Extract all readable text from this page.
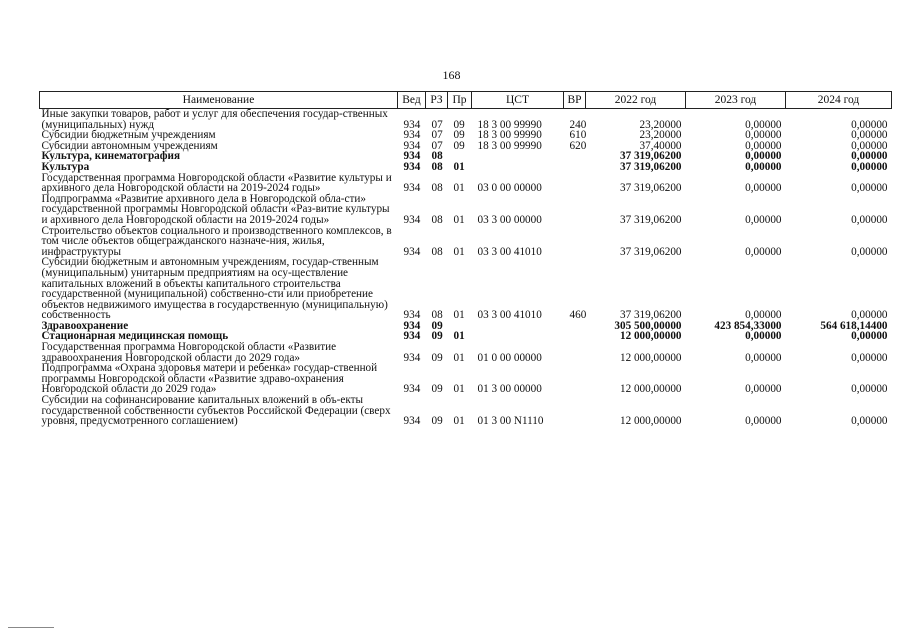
168
Наименование	Вед	РЗ	Пр	ЦСТ	ВР	2022 год	2023 год	2024 год
Иные закупки товаров, работ и услуг для обеспечения государ-ственных (муниципальных) нужд	934	07	09	18 3 00 99990	240	23,20000	0,00000	0,00000
Субсидии бюджетным учреждениям	934	07	09	18 3 00 99990	610	23,20000	0,00000	0,00000
Субсидии автономным учреждениям	934	07	09	18 3 00 99990	620	37,40000	0,00000	0,00000
Культура, кинематография	934	08				37 319,06200	0,00000	0,00000
Культура	934	08	01			37 319,06200	0,00000	0,00000
Государственная программа Новгородской области «Развитие культуры и архивного дела Новгородской области на 2019-2024 годы»	934	08	01	03 0 00 00000		37 319,06200	0,00000	0,00000
Подпрограмма «Развитие архивного дела в Новгородской обла-сти» государственной программы Новгородской области «Раз-витие культуры и архивного дела Новгородской области на 2019-2024 годы»	934	08	01	03 3 00 00000		37 319,06200	0,00000	0,00000
Строительство объектов социального и производственного комплексов, в том числе объектов общегражданского назначе-ния, жилья, инфраструктуры	934	08	01	03 3 00 41010		37 319,06200	0,00000	0,00000
Субсидии бюджетным и автономным учреждениям, государ-ственным (муниципальным) унитарным предприятиям на осу-ществление капитальных вложений в объекты капитального строительства государственной (муниципальной) собственно-сти или приобретение объектов недвижимого имущества в государственную (муниципальную) собственность	934	08	01	03 3 00 41010	460	37 319,06200	0,00000	0,00000
Здравоохранение	934	09				305 500,00000	423 854,33000	564 618,14400
Стационарная медицинская помощь	934	09	01			12 000,00000	0,00000	0,00000
Государственная программа Новгородской области «Развитие здравоохранения Новгородской области до 2029 года»	934	09	01	01 0 00 00000		12 000,00000	0,00000	0,00000
Подпрограмма «Охрана здоровья матери и ребенка» государ-ственной программы Новгородской области «Развитие здраво-охранения Новгородской области до 2029 года»	934	09	01	01 3 00 00000		12 000,00000	0,00000	0,00000
Субсидии на софинансирование капитальных вложений в объ-екты государственной собственности субъектов Российской Федерации (сверх уровня, предусмотренного соглашением)	934	09	01	01 3 00 N1110		12 000,00000	0,00000	0,00000
